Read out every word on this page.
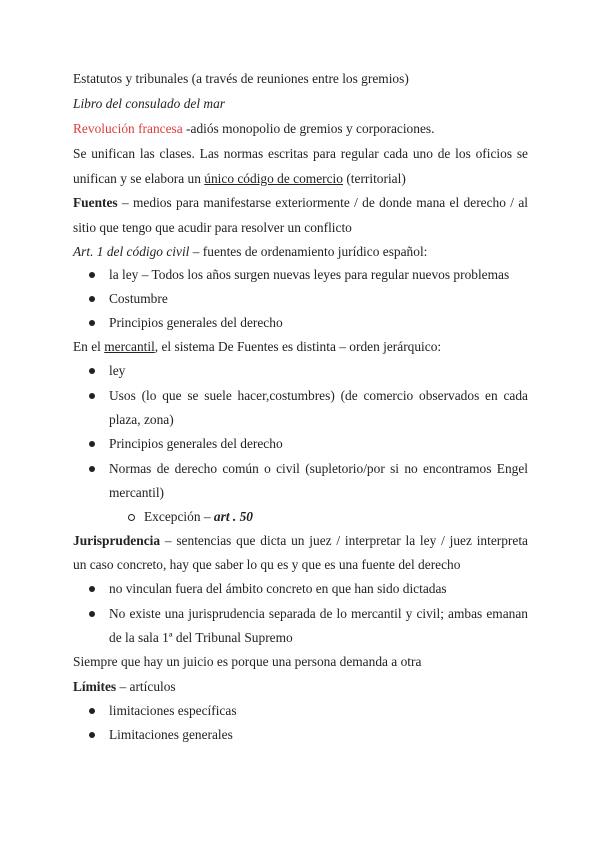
Estatutos y tribunales (a través de reuniones entre los gremios)
Libro del consulado del mar
Revolución francesa -adiós monopolio de gremios y corporaciones.
Se unifican las clases. Las normas escritas para regular cada uno de los oficios se
unifican y se elabora un único código de comercio (territorial)
Fuentes – medios para manifestarse exteriormente / de donde mana el derecho / al
sitio que tengo que acudir para resolver un conflicto
Art. 1 del código civil – fuentes de ordenamiento jurídico español:
la ley – Todos los años surgen nuevas leyes para regular nuevos problemas
Costumbre
Principios generales del derecho
En el mercantil, el sistema De Fuentes es distinta – orden jerárquico:
ley
Usos (lo que se suele hacer,costumbres) (de comercio observados en cada
plaza, zona)
Principios generales del derecho
Normas de derecho común o civil (supletorio/por si no encontramos Engel
mercantil)
Excepción – art . 50
Jurisprudencia – sentencias que dicta un juez / interpretar la ley / juez interpreta
un caso concreto, hay que saber lo qu es y que es una fuente del derecho
no vinculan fuera del ámbito concreto en que han sido dictadas
No existe una jurisprudencia separada de lo mercantil y civil; ambas emanan
de la sala 1ª del Tribunal Supremo
Siempre que hay un juicio es porque una persona demanda a otra
Límites – artículos
limitaciones específicas
Limitaciones generales
